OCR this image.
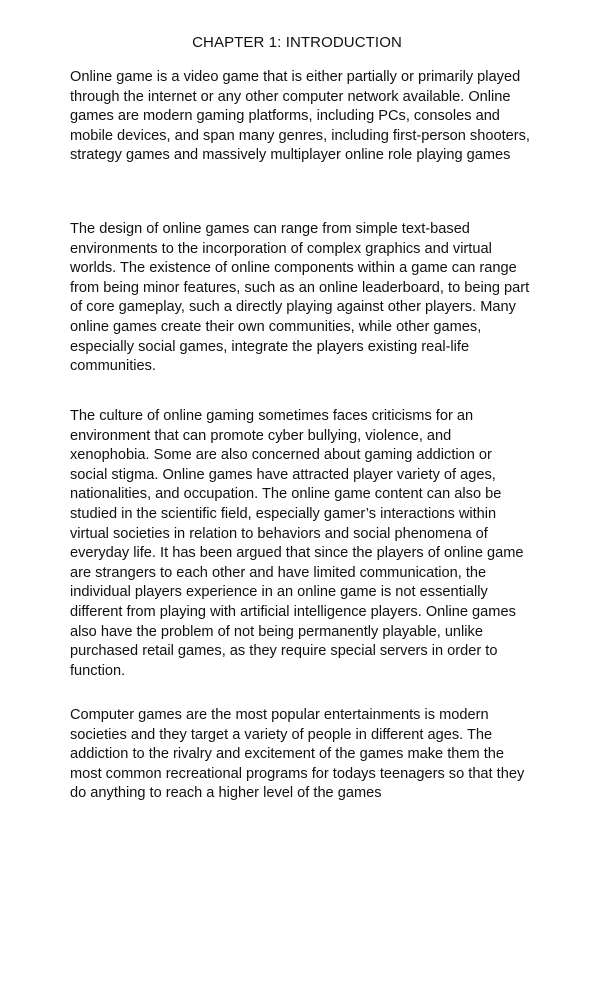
CHAPTER 1: INTRODUCTION

Online game is a video game that is either partially or primarily played through the internet or any other computer network available. Online games are modern gaming platforms, including PCs, consoles and mobile devices, and span many genres, including first-person shooters, strategy games and massively multiplayer online role playing games

The design of online games can range from simple text-based environments to the incorporation of complex graphics and virtual worlds. The existence of online components within a game can range from being minor features, such as an online leaderboard, to being part of core gameplay, such a directly playing against other players. Many online games create their own communities, while other games, especially social games, integrate the players existing real-life communities.

The culture of online gaming sometimes faces criticisms for an environment that can promote cyber bullying, violence, and xenophobia. Some are also concerned about gaming addiction or social stigma. Online games have attracted player variety of ages, nationalities, and occupation. The online game content can also be studied in the scientific field, especially gamer’s interactions within virtual societies in relation to behaviors and social phenomena of everyday life. It has been argued that since the players of online game are strangers to each other and have limited communication, the individual players experience in an online game is not essentially different from playing with artificial intelligence players. Online games also have the problem of not being permanently playable, unlike purchased retail games, as they require special servers in order to function.

Computer games are the most popular entertainments is modern societies and they target a variety of people in different ages. The addiction to the rivalry and excitement of the games make them the most common recreational programs for todays teenagers so that they do anything to reach a higher level of the games
